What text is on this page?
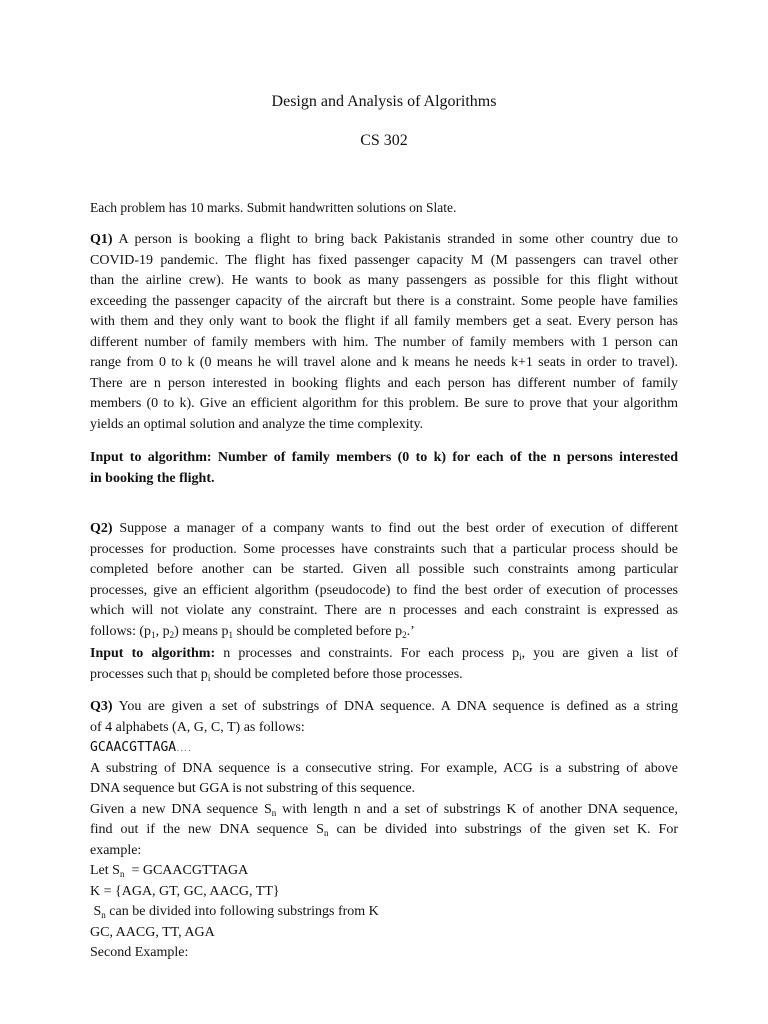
Design and Analysis of Algorithms
CS 302
Each problem has 10 marks. Submit handwritten solutions on Slate.
Q1) A person is booking a flight to bring back Pakistanis stranded in some other country due to
COVID-19 pandemic. The flight has fixed passenger capacity M (M passengers can travel other
than the airline crew). He wants to book as many passengers as possible for this flight without
exceeding the passenger capacity of the aircraft but there is a constraint. Some people have families
with them and they only want to book the flight if all family members get a seat. Every person has
different number of family members with him. The number of family members with 1 person can
range from 0 to k (0 means he will travel alone and k means he needs k+1 seats in order to travel).
There are n person interested in booking flights and each person has different number of family
members (0 to k). Give an efficient algorithm for this problem. Be sure to prove that your algorithm
yields an optimal solution and analyze the time complexity.
Input to algorithm: Number of family members (0 to k) for each of the n persons interested
in booking the flight.
Q2) Suppose a manager of a company wants to find out the best order of execution of different
processes for production. Some processes have constraints such that a particular process should be
completed before another can be started. Given all possible such constraints among particular
processes, give an efficient algorithm (pseudocode) to find the best order of execution of processes
which will not violate any constraint. There are n processes and each constraint is expressed as
follows: ($p_1$, $p_2$) means $p_1$ should be completed before $p_2$.’
Input to algorithm: n processes and constraints. For each process $p_i$, you are given a list of
processes such that $p_i$ should be completed before those processes.
Q3) You are given a set of substrings of DNA sequence. A DNA sequence is defined as a string
of 4 alphabets (A, G, C, T) as follows:
GCAACGTTAGA….
A substring of DNA sequence is a consecutive string. For example, ACG is a substring of above
DNA sequence but GGA is not substring of this sequence.
Given a new DNA sequence $S_n$ with length n and a set of substrings K of another DNA sequence,
find out if the new DNA sequence $S_n$ can be divided into substrings of the given set K. For
example:
Let $S_n$  = GCAACGTTAGA
K = {AGA, GT, GC, AACG, TT}
$S_n$ can be divided into following substrings from K
GC, AACG, TT, AGA
Second Example:
